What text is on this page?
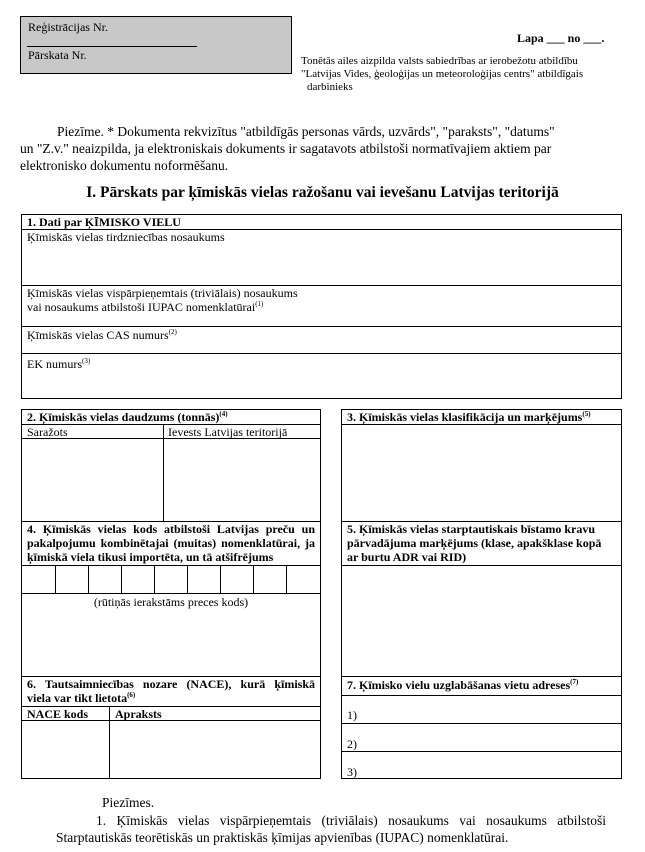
Reģistrācijas Nr.
Pārskata Nr.
Lapa ___ no ___.
Tonētās ailes aizpilda valsts sabiedrības ar ierobežotu atbildību
"Latvijas Vides, ģeoloģijas un meteoroloģijas centrs" atbildīgais
darbinieks
Piezīme. * Dokumenta rekvizītus "atbildīgās personas vārds, uzvārds", "paraksts", "datums"
un "Z.v." neaizpilda, ja elektroniskais dokuments ir sagatavots atbilstoši normatīvajiem aktiem par
elektronisko dokumentu noformēšanu.
I. Pārskats par ķīmiskās vielas ražošanu vai ievešanu Latvijas teritorijā
1. Dati par ĶĪMISKO VIELU
Ķīmiskās vielas tirdzniecības nosaukums
Ķīmiskās vielas vispārpieņemtais (triviālais) nosaukums
vai nosaukums atbilstoši IUPAC nomenklatūrai$^{(1)}$
Ķīmiskās vielas CAS numurs$^{(2)}$
EK numurs$^{(3)}$
2. Ķīmiskās vielas daudzums (tonnās)$^{(4)}$
Saražots	Ievests Latvijas teritorijā
4. Ķīmiskās vielas kods atbilstoši Latvijas preču un
pakalpojumu kombinētajai (muitas) nomenklatūrai, ja
ķīmiskā viela tikusi importēta, un tā atšifrējums
(rūtiņās ierakstāms preces kods)
6. Tautsaimniecības nozare (NACE), kurā ķīmiskā
viela var tikt lietota$^{(6)}$
NACE kods Apraksts
3. Ķīmiskās vielas klasifikācija un marķējums$^{(5)}$
5. Ķīmiskās vielas starptautiskais bīstamo kravu
pārvadājuma marķējums (klase, apakšklase kopā
ar burtu ADR vai RID)
7. Ķīmisko vielu uzglabāšanas vietu adreses$^{(7)}$
1)
2)
3)
Piezīmes.
1. Ķīmiskās vielas vispārpieņemtais (triviālais) nosaukums vai nosaukums atbilstoši
Starptautiskās teorētiskās un praktiskās ķīmijas apvienības (IUPAC) nomenklatūrai.
